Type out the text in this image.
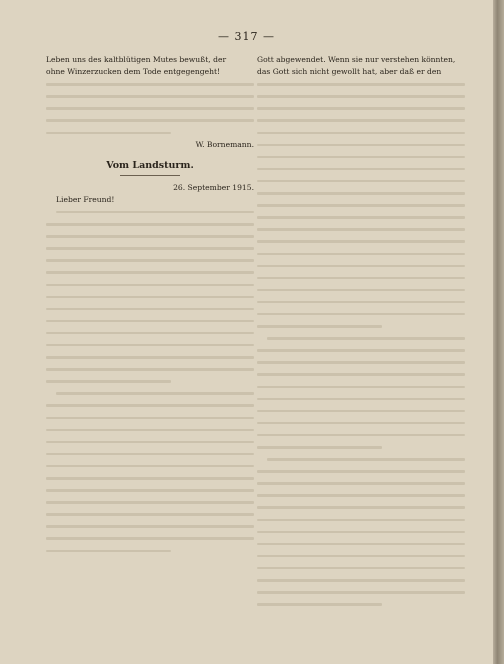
— 317 —
Leben uns des kaltblütigen Mutes bewußt, der
ohne Winzerzucken dem Tode entgegengeht!
W. Bornemann.
Vom Landsturm.
26. September 1915.
Lieber Freund!
Gott abgewendet. Wenn sie nur verstehen könnten,
das Gott sich nicht gewollt hat, aber daß er den
